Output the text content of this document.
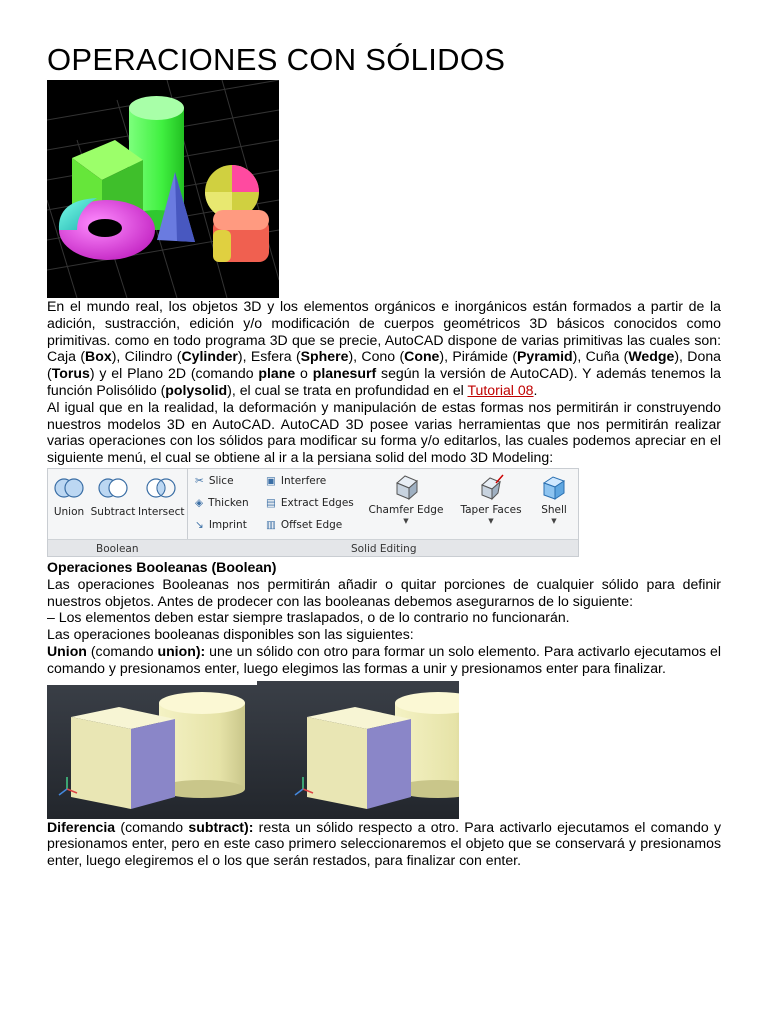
OPERACIONES CON SÓLIDOS

En el mundo real, los objetos 3D y los elementos orgánicos e inorgánicos están formados a partir de la adición, sustracción, edición y/o modificación de cuerpos geométricos 3D básicos conocidos como primitivas. como en todo programa 3D que se precie, AutoCAD dispone de varias primitivas las cuales son: Caja (Box), Cilindro (Cylinder), Esfera (Sphere), Cono (Cone), Pirámide (Pyramid), Cuña (Wedge), Dona (Torus) y el Plano 2D (comando plane o planesurf según la versión de AutoCAD). Y además tenemos la función Polisólido (polysolid), el cual se trata en profundidad en el Tutorial 08.

Al igual que en la realidad, la deformación y manipulación de estas formas nos permitirán ir construyendo nuestros modelos 3D en AutoCAD. AutoCAD 3D posee varias herramientas que nos permitirán realizar varias operaciones con los sólidos para modificar su forma y/o editarlos, las cuales podemos apreciar en el siguiente menú, el cual se obtiene al ir a la persiana solid del modo 3D Modeling:

Union Subtract Intersect
✂ Slice
◈ Thicken
↘ Imprint
▣ Interfere
▤ Extract Edges
▥ Offset Edge
Chamfer Edge
▼
Taper Faces
▼
Shell
▼
Boolean	Solid Editing

Operaciones Booleanas (Boolean)

Las operaciones Booleanas nos permitirán añadir o quitar porciones de cualquier sólido para definir nuestros objetos. Antes de prodecer con las booleanas debemos asegurarnos de lo siguiente:

– Los elementos deben estar siempre traslapados, o de lo contrario no funcionarán.

Las operaciones booleanas disponibles son las siguientes:

Union (comando union): une un sólido con otro para formar un solo elemento. Para activarlo ejecutamos el comando y presionamos enter, luego elegimos las formas a unir y presionamos enter para finalizar.

Diferencia (comando subtract): resta un sólido respecto a otro. Para activarlo ejecutamos el comando y presionamos enter, pero en este caso primero seleccionaremos el objeto que se conservará y presionamos enter, luego elegiremos el o los que serán restados, para finalizar con enter.
